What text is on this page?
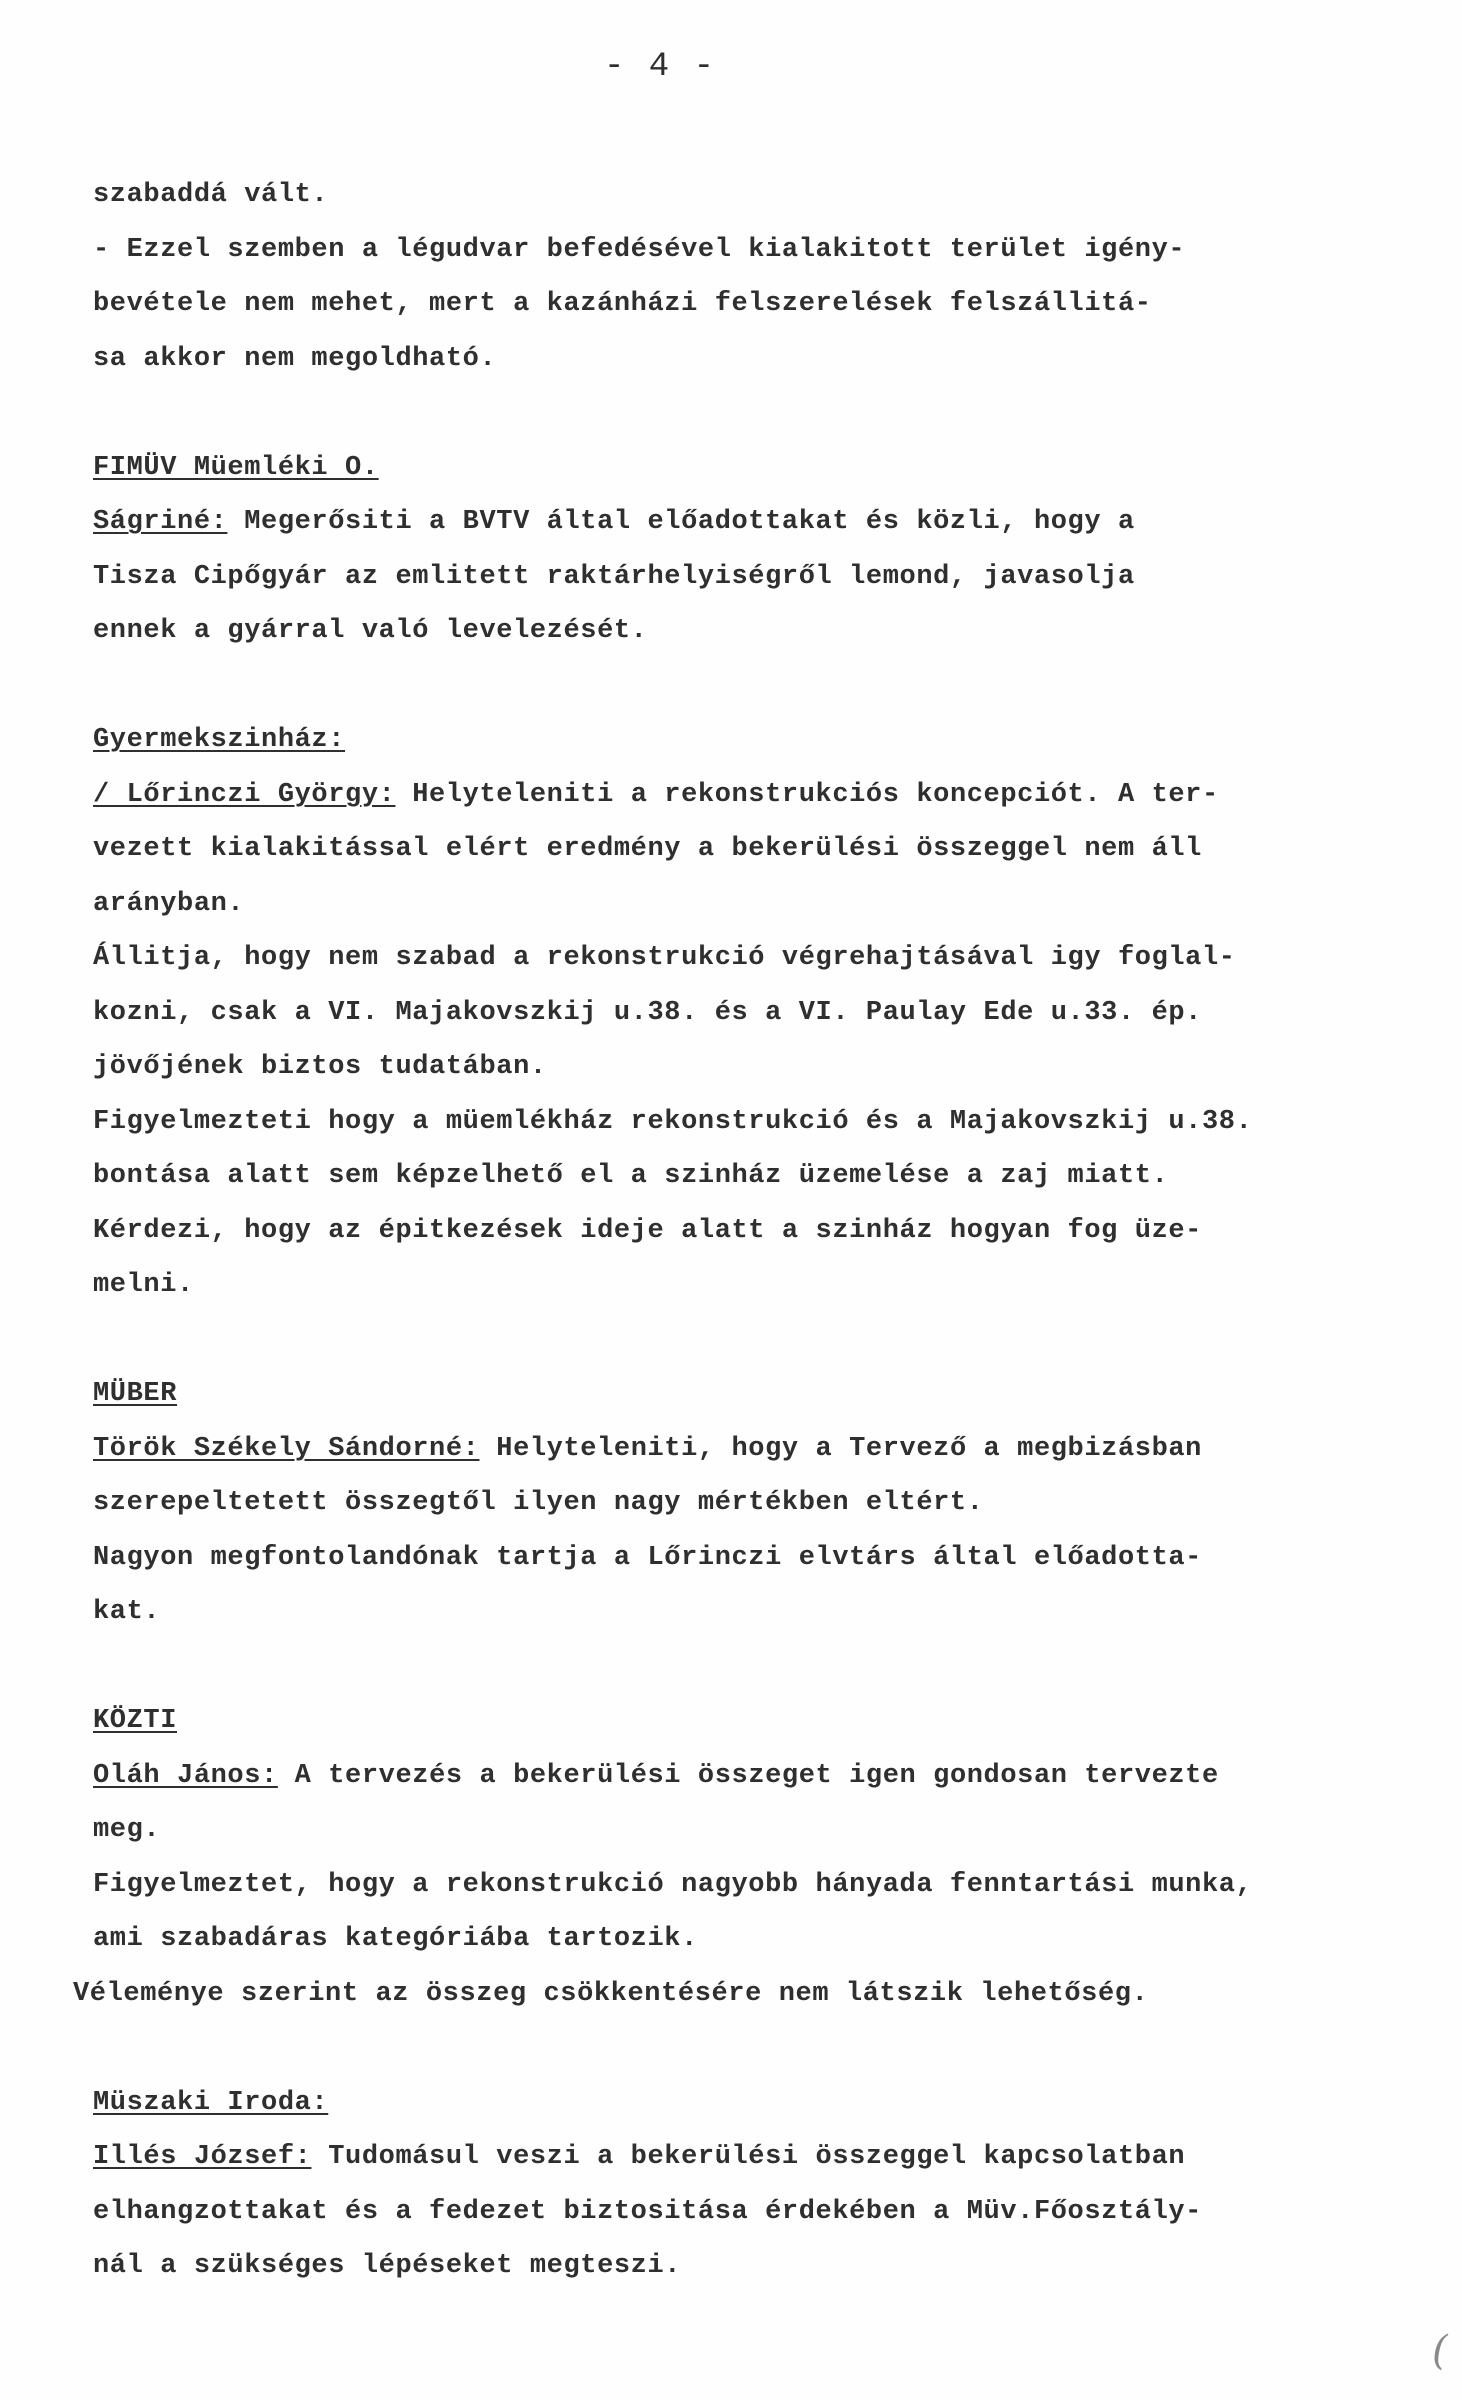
- 4 -
szabaddá vált.
- Ezzel szemben a légudvar befedésével kialakitott terület igény-
bevétele nem mehet, mert a kazánházi felszerelések felszállitá-
sa akkor nem megoldható.
FIMÜV Müemléki O.
Ságriné: Megerősiti a BVTV által előadottakat és közli, hogy a
Tisza Cipőgyár az emlitett raktárhelyiségről lemond, javasolja
ennek a gyárral való levelezését.
Gyermekszinház:
/ Lőrinczi György: Helyteleniti a rekonstrukciós koncepciót. A ter-
vezett kialakitással elért eredmény a bekerülési összeggel nem áll
arányban.
Állitja, hogy nem szabad a rekonstrukció végrehajtásával igy foglal-
kozni, csak a VI. Majakovszkij u.38. és a VI. Paulay Ede u.33. ép.
jövőjének biztos tudatában.
Figyelmezteti hogy a müemlékház rekonstrukció és a Majakovszkij u.38.
bontása alatt sem képzelhető el a szinház üzemelése a zaj miatt.
Kérdezi, hogy az épitkezések ideje alatt a szinház hogyan fog üze-
melni.
MÜBER
Török Székely Sándorné: Helyteleniti, hogy a Tervező a megbizásban
szerepeltetett összegtől ilyen nagy mértékben eltért.
Nagyon megfontolandónak tartja a Lőrinczi elvtárs által előadotta-
kat.
KÖZTI
Oláh János: A tervezés a bekerülési összeget igen gondosan tervezte
meg.
Figyelmeztet, hogy a rekonstrukció nagyobb hányada fenntartási munka,
ami szabadáras kategóriába tartozik.
Véleménye szerint az összeg csökkentésére nem látszik lehetőség.
Müszaki Iroda:
Illés József: Tudomásul veszi a bekerülési összeggel kapcsolatban
elhangzottakat és a fedezet biztositása érdekében a Müv.Főosztály-
nál a szükséges lépéseket megteszi.
(
